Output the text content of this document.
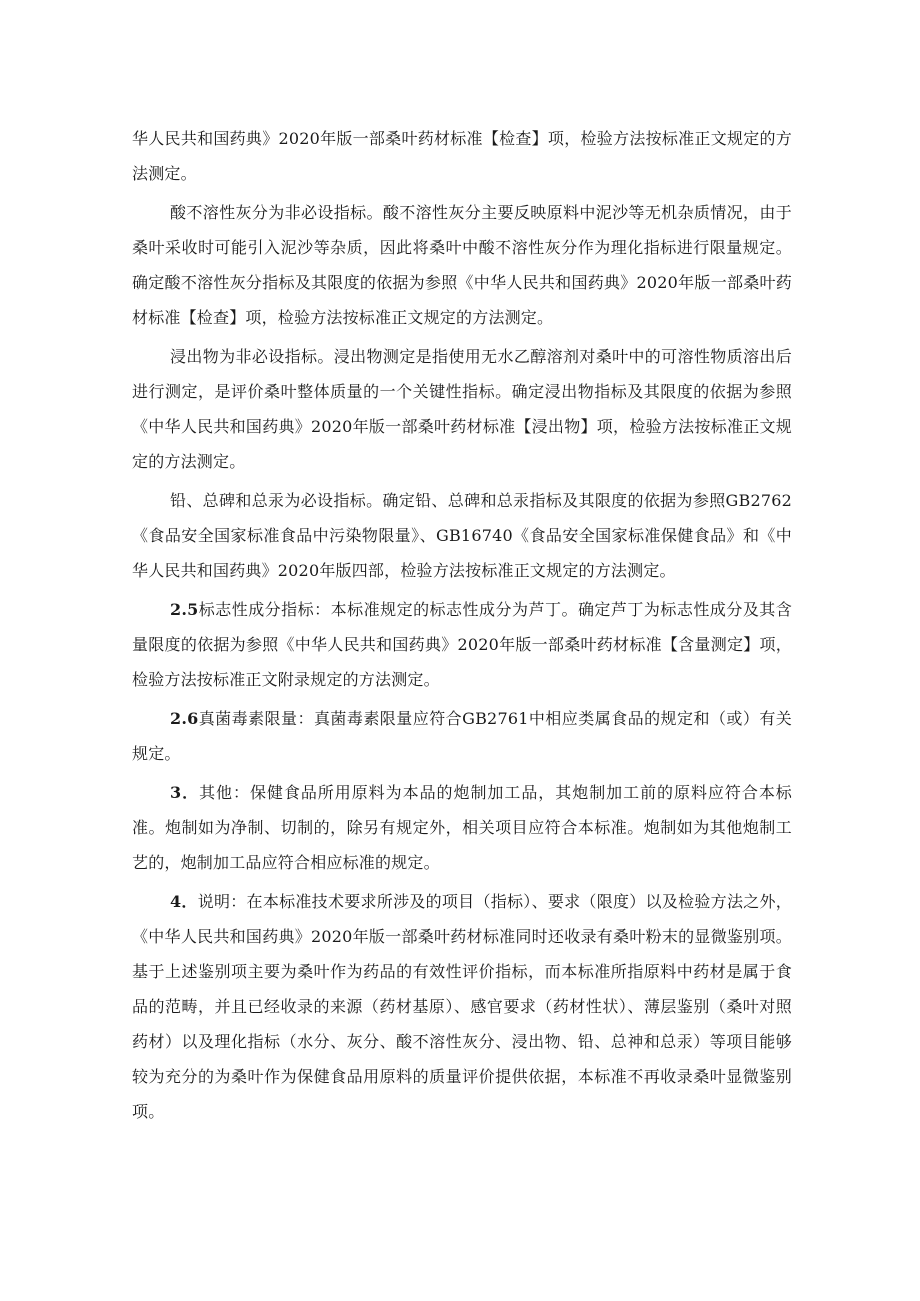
华人民共和国药典》2020年版一部桑叶药材标准【检查】项，检验方法按标准正文规定的方法测定。

酸不溶性灰分为非必设指标。酸不溶性灰分主要反映原料中泥沙等无机杂质情况，由于桑叶采收时可能引入泥沙等杂质，因此将桑叶中酸不溶性灰分作为理化指标进行限量规定。确定酸不溶性灰分指标及其限度的依据为参照《中华人民共和国药典》2020年版一部桑叶药材标准【检查】项，检验方法按标准正文规定的方法测定。

浸出物为非必设指标。浸出物测定是指使用无水乙醇溶剂对桑叶中的可溶性物质溶出后进行测定，是评价桑叶整体质量的一个关键性指标。确定浸出物指标及其限度的依据为参照《中华人民共和国药典》2020年版一部桑叶药材标准【浸出物】项，检验方法按标准正文规定的方法测定。

铅、总碑和总汞为必设指标。确定铅、总碑和总汞指标及其限度的依据为参照GB2762《食品安全国家标准食品中污染物限量》、GB16740《食品安全国家标准保健食品》和《中华人民共和国药典》2020年版四部，检验方法按标准正文规定的方法测定。

2.5标志性成分指标：本标准规定的标志性成分为芦丁。确定芦丁为标志性成分及其含量限度的依据为参照《中华人民共和国药典》2020年版一部桑叶药材标准【含量测定】项，检验方法按标准正文附录规定的方法测定。

2.6真菌毒素限量：真菌毒素限量应符合GB2761中相应类属食品的规定和（或）有关规定。

3．其他：保健食品所用原料为本品的炮制加工品，其炮制加工前的原料应符合本标准。炮制如为净制、切制的，除另有规定外，相关项目应符合本标准。炮制如为其他炮制工艺的，炮制加工品应符合相应标准的规定。

4．说明：在本标准技术要求所涉及的项目（指标）、要求（限度）以及检验方法之外，《中华人民共和国药典》2020年版一部桑叶药材标准同时还收录有桑叶粉末的显微鉴别项。基于上述鉴别项主要为桑叶作为药品的有效性评价指标，而本标准所指原料中药材是属于食品的范畴，并且已经收录的来源（药材基原）、感官要求（药材性状）、薄层鉴别（桑叶对照药材）以及理化指标（水分、灰分、酸不溶性灰分、浸出物、铅、总神和总汞）等项目能够较为充分的为桑叶作为保健食品用原料的质量评价提供依据，本标准不再收录桑叶显微鉴别项。
